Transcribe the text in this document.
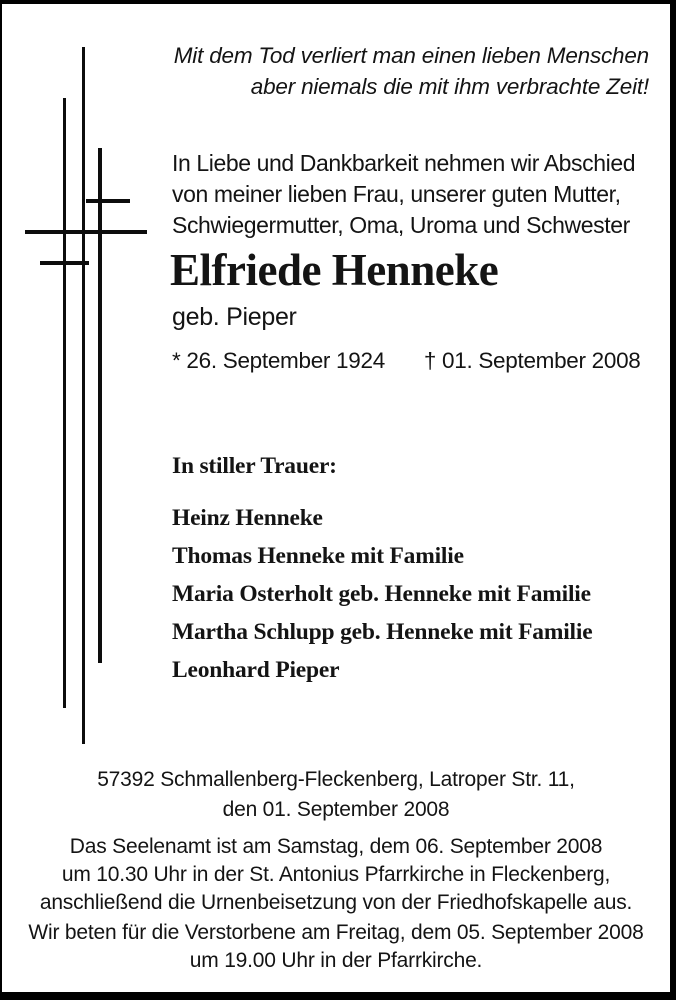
Mit dem Tod verliert man einen lieben Menschen
aber niemals die mit ihm verbrachte Zeit!
In Liebe und Dankbarkeit nehmen wir Abschied
von meiner lieben Frau, unserer guten Mutter,
Schwiegermutter, Oma, Uroma und Schwester
Elfriede Henneke
geb. Pieper
* 26. September 1924 † 01. September 2008
In stiller Trauer:
Heinz Henneke
Thomas Henneke mit Familie
Maria Osterholt geb. Henneke mit Familie
Martha Schlupp geb. Henneke mit Familie
Leonhard Pieper
57392 Schmallenberg-Fleckenberg, Latroper Str. 11,
den 01. September 2008
Das Seelenamt ist am Samstag, dem 06. September 2008
um 10.30 Uhr in der St. Antonius Pfarrkirche in Fleckenberg,
anschließend die Urnenbeisetzung von der Friedhofskapelle aus.
Wir beten für die Verstorbene am Freitag, dem 05. September 2008
um 19.00 Uhr in der Pfarrkirche.
